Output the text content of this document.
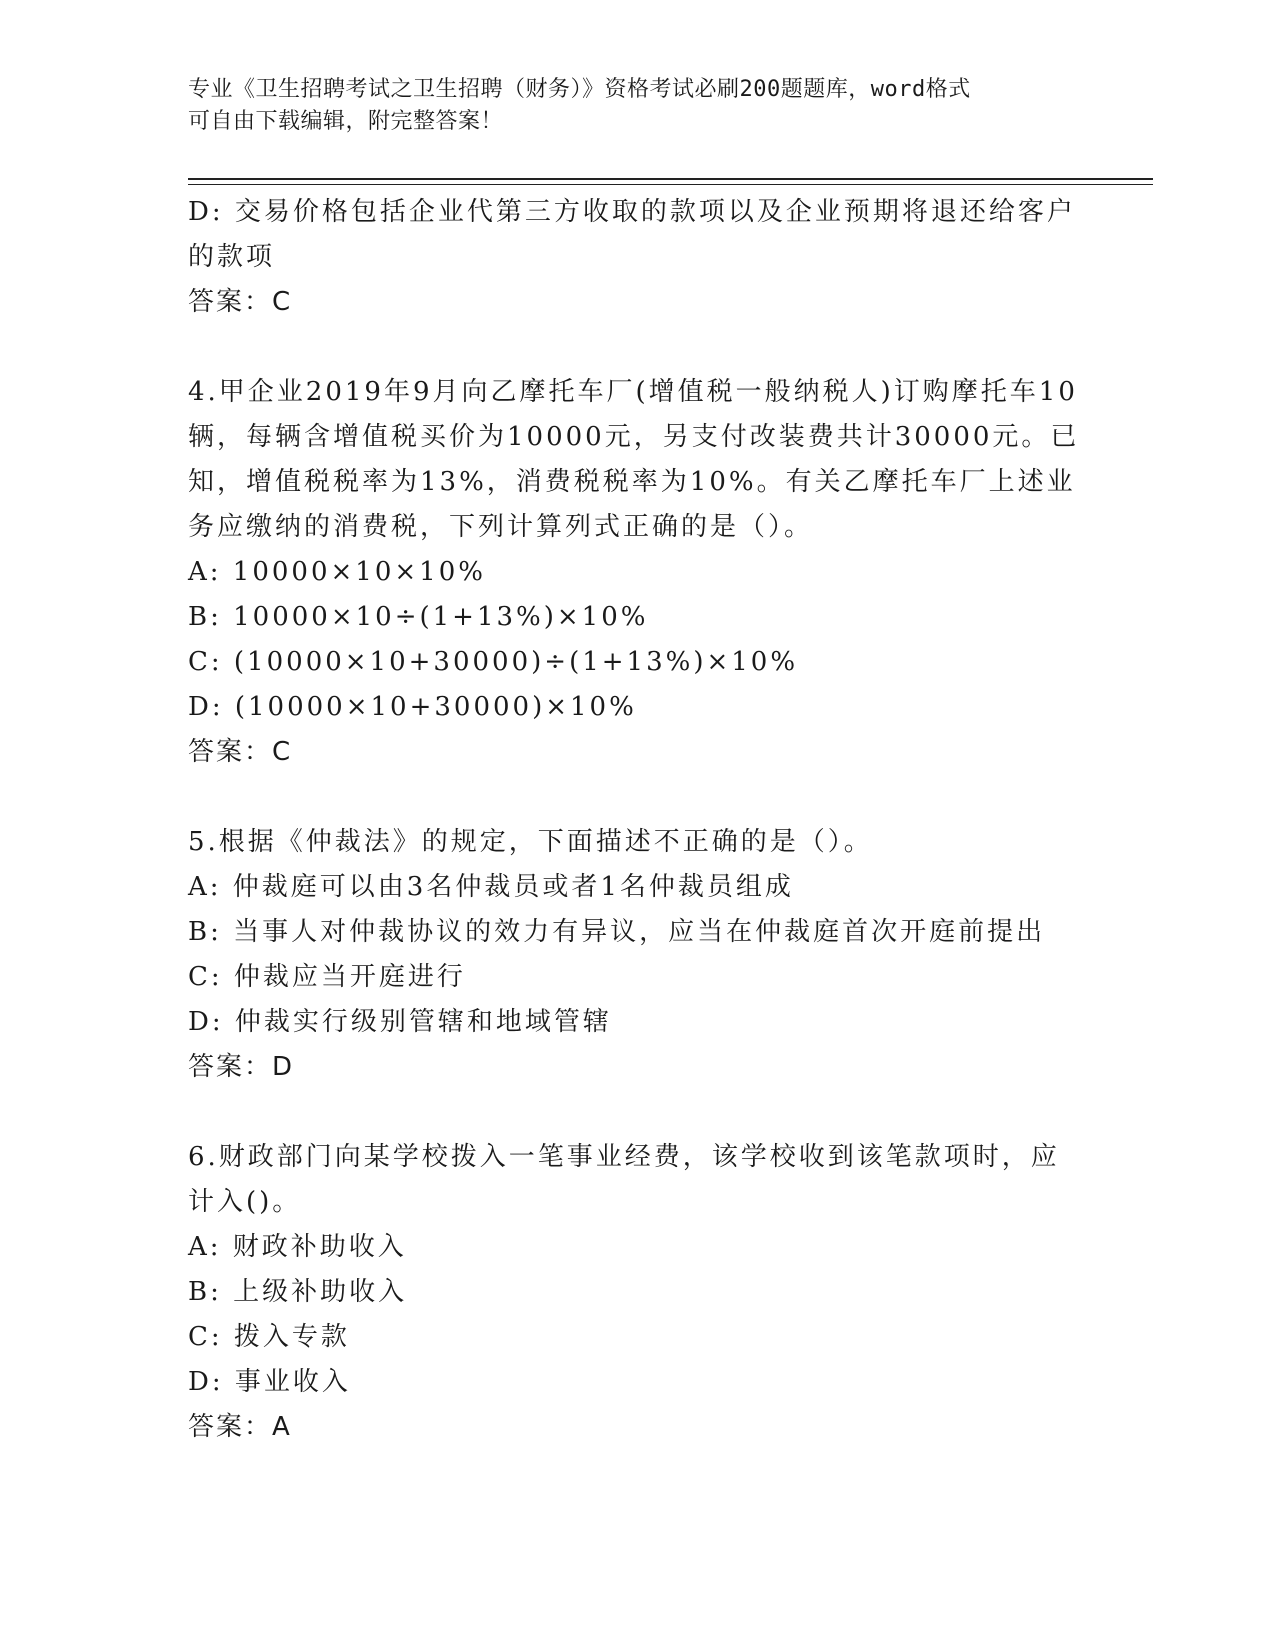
专业《卫生招聘考试之卫生招聘（财务）》资格考试必刷200题题库，word格式
可自由下载编辑，附完整答案！
D: 交易价格包括企业代第三方收取的款项以及企业预期将退还给客户
的款项
答案：C
4.甲企业2019年9月向乙摩托车厂(增值税一般纳税人)订购摩托车10
辆，每辆含增值税买价为10000元，另支付改装费共计30000元。已
知，增值税税率为13%，消费税税率为10%。有关乙摩托车厂上述业
务应缴纳的消费税，下列计算列式正确的是（）。
A: 10000×10×10%
B: 10000×10÷(1+13%)×10%
C: (10000×10+30000)÷(1+13%)×10%
D: (10000×10+30000)×10%
答案：C
5.根据《仲裁法》的规定，下面描述不正确的是（）。
A: 仲裁庭可以由3名仲裁员或者1名仲裁员组成
B: 当事人对仲裁协议的效力有异议，应当在仲裁庭首次开庭前提出
C: 仲裁应当开庭进行
D: 仲裁实行级别管辖和地域管辖
答案：D
6.财政部门向某学校拨入一笔事业经费，该学校收到该笔款项时，应
计入()。
A: 财政补助收入
B: 上级补助收入
C: 拨入专款
D: 事业收入
答案：A
